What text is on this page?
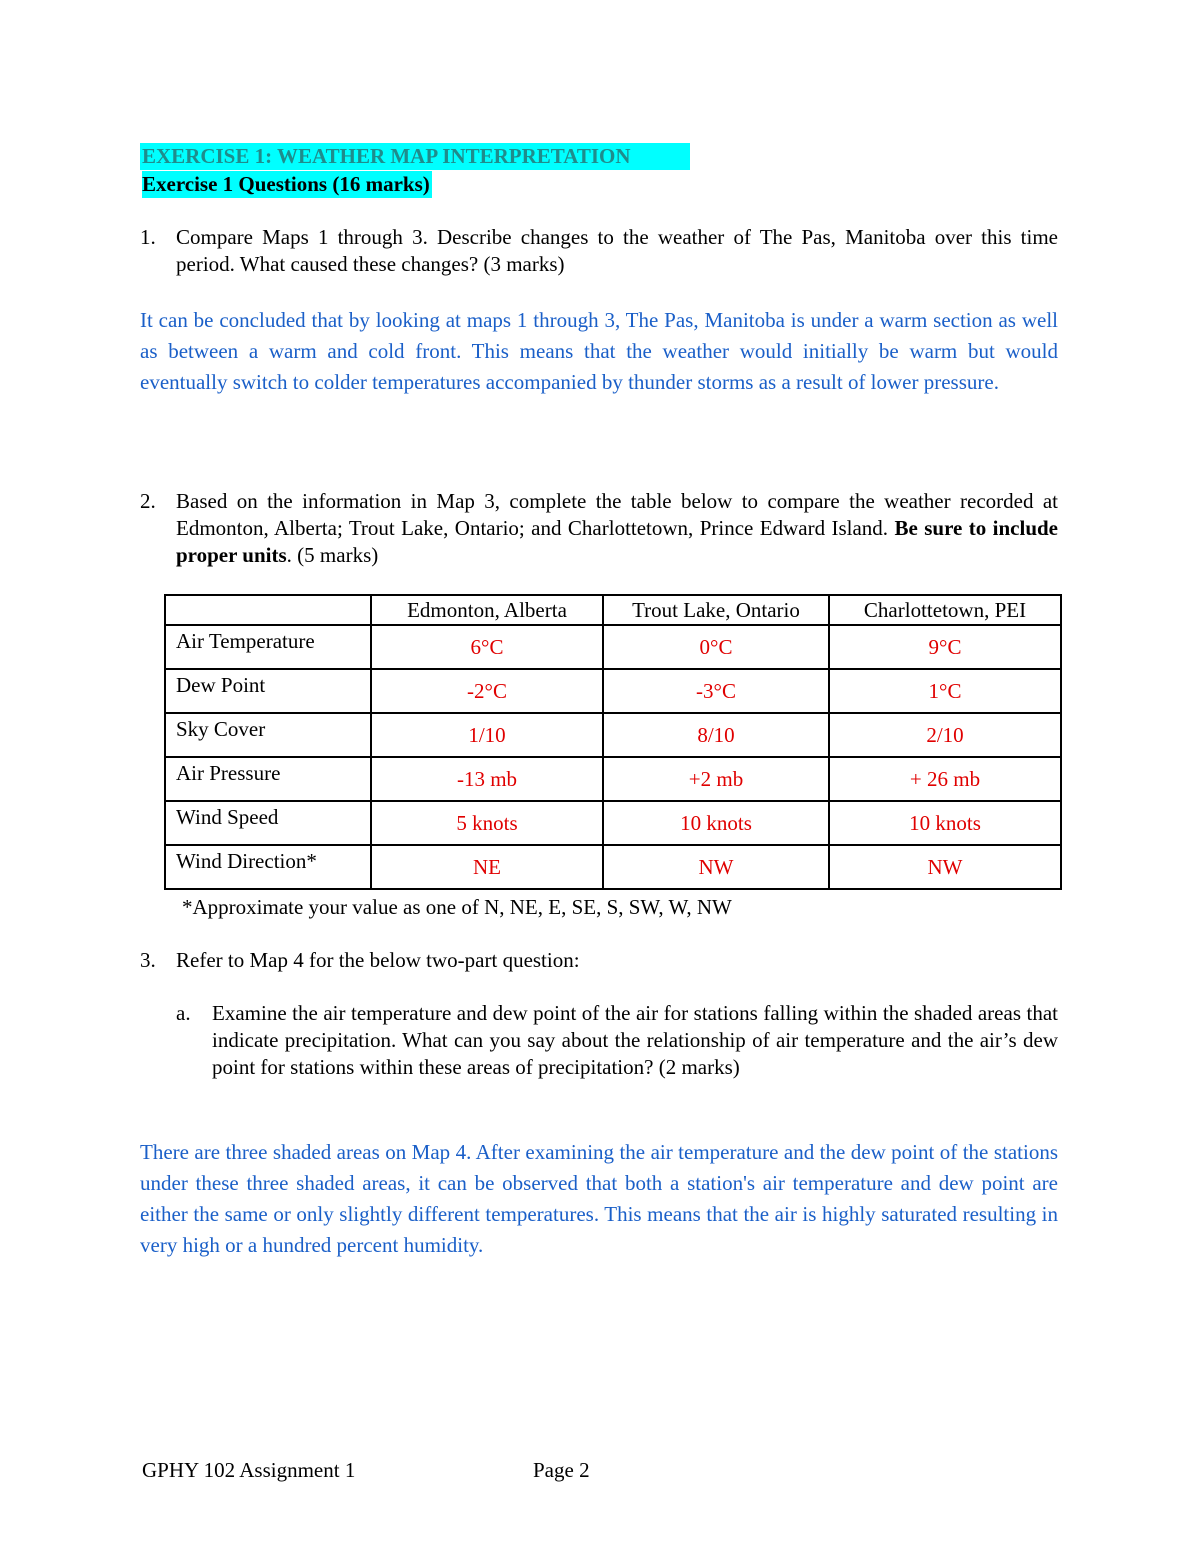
EXERCISE 1: WEATHER MAP INTERPRETATION
Exercise 1 Questions (16 marks)
1. Compare Maps 1 through 3. Describe changes to the weather of The Pas, Manitoba over this time period. What caused these changes? (3 marks)
It can be concluded that by looking at maps 1 through 3, The Pas, Manitoba is under a warm section as well as between a warm and cold front. This means that the weather would initially be warm but would eventually switch to colder temperatures accompanied by thunder storms as a result of lower pressure.
2. Based on the information in Map 3, complete the table below to compare the weather recorded at Edmonton, Alberta; Trout Lake, Ontario; and Charlottetown, Prince Edward Island. Be sure to include proper units. (5 marks)
	Edmonton, Alberta	Trout Lake, Ontario	Charlottetown, PEI
Air Temperature	6°C	0°C	9°C
Dew Point	-2°C	-3°C	1°C
Sky Cover	1/10	8/10	2/10
Air Pressure	-13 mb	+2 mb	+ 26 mb
Wind Speed	5 knots	10 knots	10 knots
Wind Direction*	NE	NW	NW
*Approximate your value as one of N, NE, E, SE, S, SW, W, NW
3. Refer to Map 4 for the below two-part question:
a. Examine the air temperature and dew point of the air for stations falling within the shaded areas that indicate precipitation. What can you say about the relationship of air temperature and the air’s dew point for stations within these areas of precipitation? (2 marks)
There are three shaded areas on Map 4. After examining the air temperature and the dew point of the stations under these three shaded areas, it can be observed that both a station's air temperature and dew point are either the same or only slightly different temperatures. This means that the air is highly saturated resulting in very high or a hundred percent humidity.
GPHY 102 Assignment 1	Page 2
